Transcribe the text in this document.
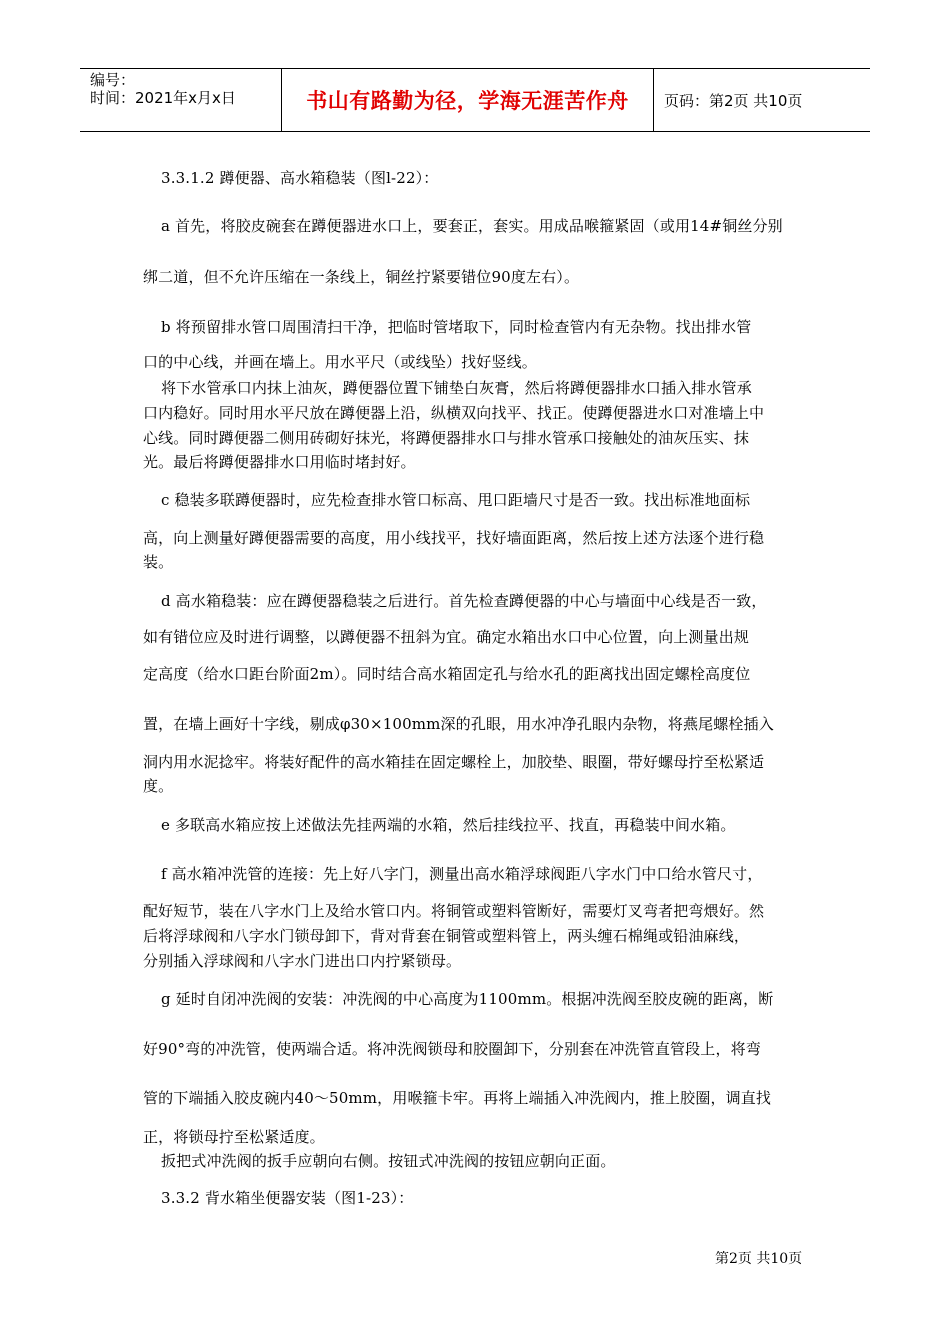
编号：
时间：2021年x月x日	书山有路勤为径，学海无涯苦作舟 页码：第2页 共10页
3.3.1.2 蹲便器、高水箱稳装（图l-22）：
a 首先，将胶皮碗套在蹲便器进水口上，要套正，套实。用成品喉箍紧固（或用14#铜丝分别
绑二道，但不允许压缩在一条线上，铜丝拧紧要错位90度左右）。
b 将预留排水管口周围清扫干净，把临时管堵取下，同时检查管内有无杂物。找出排水管
口的中心线，并画在墙上。用水平尺（或线坠）找好竖线。
将下水管承口内抹上油灰，蹲便器位置下铺垫白灰膏，然后将蹲便器排水口插入排水管承
口内稳好。同时用水平尺放在蹲便器上沿，纵横双向找平、找正。使蹲便器进水口对准墙上中
心线。同时蹲便器二侧用砖砌好抹光，将蹲便器排水口与排水管承口接触处的油灰压实、抹
光。最后将蹲便器排水口用临时堵封好。
c 稳装多联蹲便器时，应先检查排水管口标高、甩口距墙尺寸是否一致。找出标准地面标
高，向上测量好蹲便器需要的高度，用小线找平，找好墙面距离，然后按上述方法逐个进行稳
装。
d 高水箱稳装：应在蹲便器稳装之后进行。首先检查蹲便器的中心与墙面中心线是否一致，
如有错位应及时进行调整，以蹲便器不扭斜为宜。确定水箱出水口中心位置，向上测量出规
定高度（给水口距台阶面2m）。同时结合高水箱固定孔与给水孔的距离找出固定螺栓高度位
置，在墙上画好十字线，剔成φ30×100mm深的孔眼，用水冲净孔眼内杂物，将燕尾螺栓插入
洞内用水泥捻牢。将装好配件的高水箱挂在固定螺栓上，加胶垫、眼圈，带好螺母拧至松紧适
度。
e 多联高水箱应按上述做法先挂两端的水箱，然后挂线拉平、找直，再稳装中间水箱。
f 高水箱冲洗管的连接：先上好八字门，测量出高水箱浮球阀距八字水门中口给水管尺寸，
配好短节，装在八字水门上及给水管口内。将铜管或塑料管断好，需要灯叉弯者把弯煨好。然
后将浮球阀和八字水门锁母卸下，背对背套在铜管或塑料管上，两头缠石棉绳或铅油麻线，
分别插入浮球阀和八字水门进出口内拧紧锁母。
g 延时自闭冲洗阀的安装：冲洗阀的中心高度为1100mm。根据冲洗阀至胶皮碗的距离，断
好90°弯的冲洗管，使两端合适。将冲洗阀锁母和胶圈卸下，分别套在冲洗管直管段上，将弯
管的下端插入胶皮碗内40～50mm，用喉箍卡牢。再将上端插入冲洗阀内，推上胶圈，调直找
正，将锁母拧至松紧适度。
扳把式冲洗阀的扳手应朝向右侧。按钮式冲洗阀的按钮应朝向正面。
3.3.2 背水箱坐便器安装（图1-23）：
第2页 共10页
